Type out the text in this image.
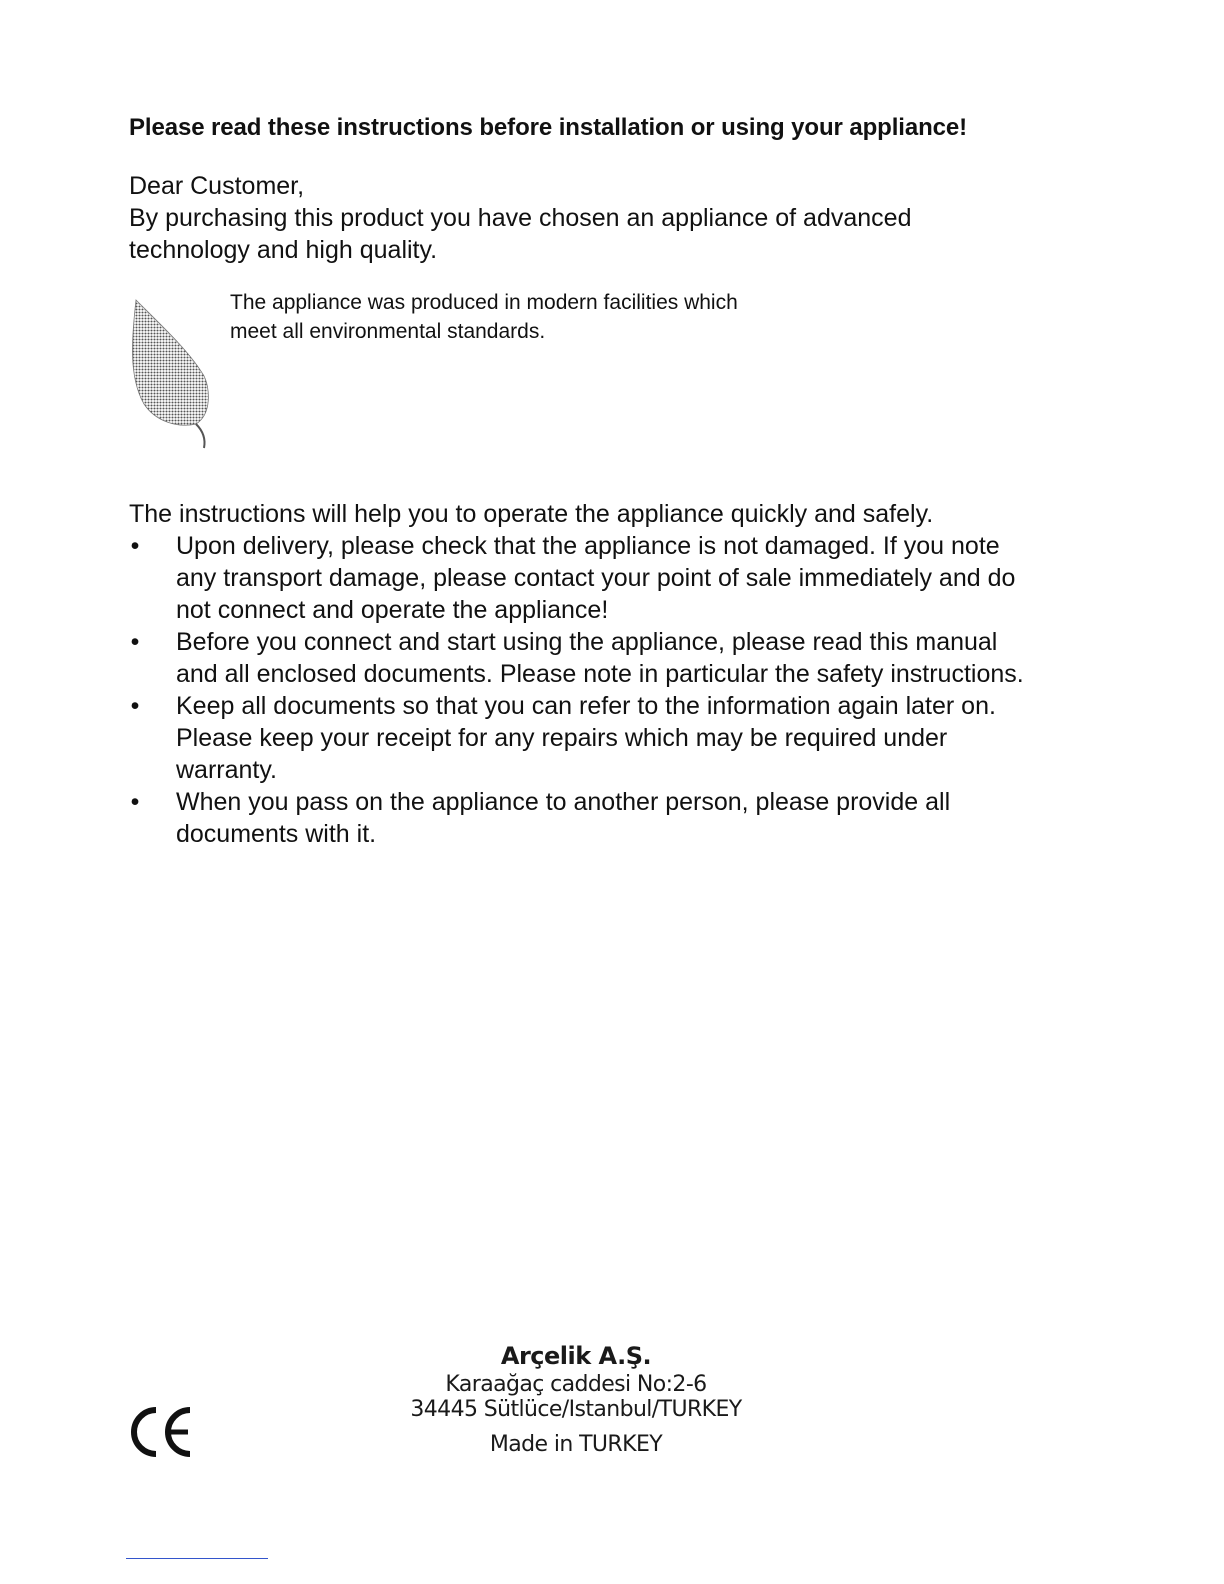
Please read these instructions before installation or using your appliance!

Dear Customer,

By purchasing this product you have chosen an appliance of advanced

technology and high quality.

The appliance was produced in modern facilities which

meet all environmental standards.

The instructions will help you to operate the appliance quickly and safely.

• Upon delivery, please check that the appliance is not damaged. If you note
any transport damage, please contact your point of sale immediately and do
not connect and operate the appliance!
• Before you connect and start using the appliance, please read this manual
and all enclosed documents. Please note in particular the safety instructions.
• Keep all documents so that you can refer to the information again later on.
Please keep your receipt for any repairs which may be required under
warranty.
• When you pass on the appliance to another person, please provide all
documents with it.
Arçelik A.Ş.
Karaağaç caddesi No:2-6
34445 Sütlüce/Istanbul/TURKEY
Made in TURKEY
